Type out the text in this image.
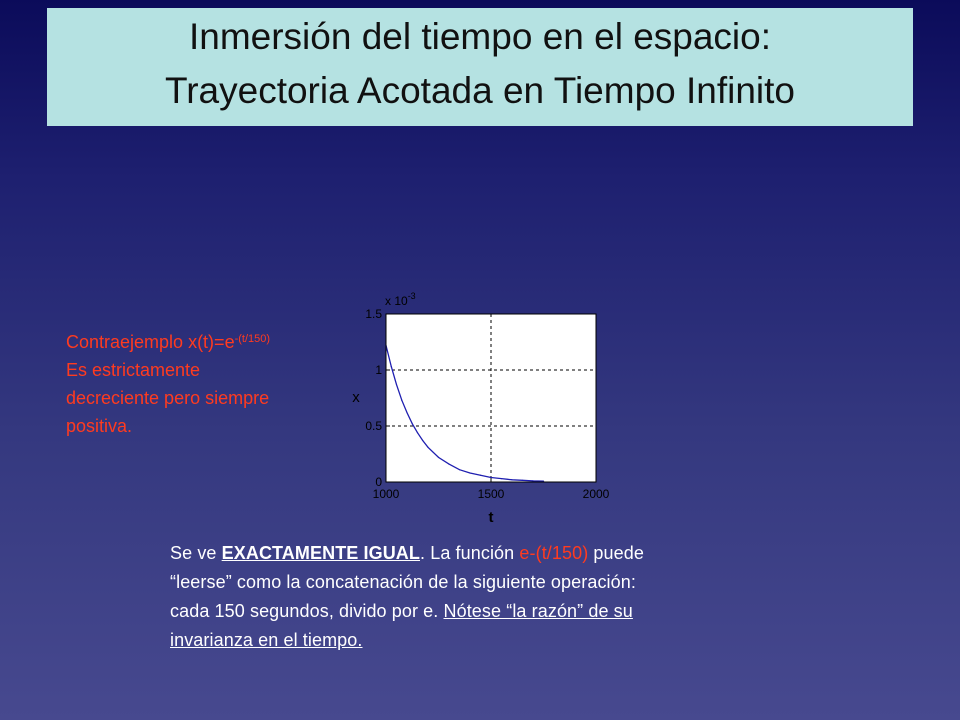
Inmersión del tiempo en el espacio:
Trayectoria Acotada en Tiempo Infinito
Contraejemplo $x(t)=e^{-(t/150)}$
Es estrictamente
decreciente pero siempre
positiva.
1000	1500	2000
0
0.5
1
1.5
x $10^{-3}$
x
t
Se ve EXACTAMENTE IGUAL. La función e-(t/150) puede
“leerse” como la concatenación de la siguiente operación:
cada 150 segundos, divido por e. Nótese “la razón” de su
invarianza en el tiempo.
